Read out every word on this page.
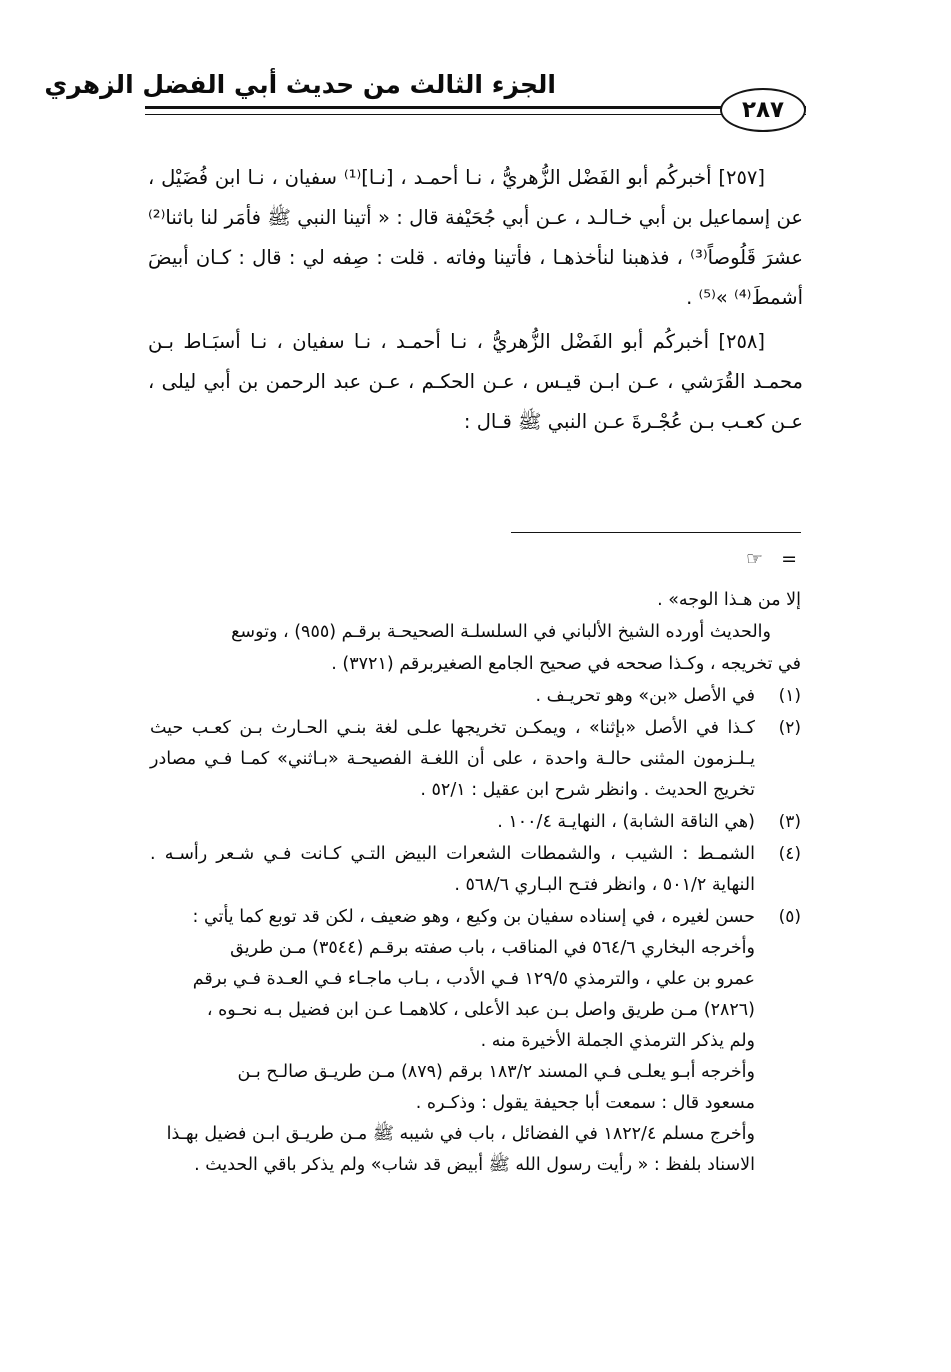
الجزء الثالث من حديث أبي الفضل الزهري
٢٨٧

[٢٥٧] أخبركُم أبو الفَضْل الزُّهريُّ ، نـا أحمـد ، [نـا]⁽¹⁾ سفيان ، نـا ابن فُضَيْل ، عن إسماعيل بن أبي خـالـد ، عـن أبي جُحَيْفة قال : « أتينا النبي ﷺ فأمَر لنا باثنا⁽²⁾ عشرَ قَلُوصاً⁽³⁾ ، فذهبنا لنأخذهـا ، فأتينا وفاته . قلت : صِفه لي : قال : كـان أبيضَ أشمطَ⁽⁴⁾ »⁽⁵⁾ .

[٢٥٨] أخبركُم أبو الفَضْل الزُّهريُّ ، نـا أحمـد ، نـا سفيان ، نـا أسبَـاط بـن محمـد القُرَشي ، عـن ابـن قيـس ، عـن الحكـم ، عـن عبد الرحمن بن أبي ليلى ، عـن كعـب بـن عُجْـرةَ عـن النبي ﷺ قـال :

= ☞
إلا من هـذا الوجه» .
والحديث أورده الشيخ الألباني في السلسلـة الصحيحـة برقـم (٩٥٥) ، وتوسع
في تخريجه ، وكـذا صححه في صحيح الجامع الصغيربرقم (٣٧٢١) .
(١)
في الأصل «بن» وهو تحريـف .
(٢)
كـذا في الأصل «بإثنا» ، ويمكـن تخريجها علـى لغة بنـي الحـارث بـن كعـب حيث يـلـزمون المثنى حالـة واحدة ، على أن اللغـة الفصيحـة «بـاثني» كمـا فـي مصادر تخريج الحديث . وانظر شرح ابن عقيل : ٥٢/١ .
(٣)
(هي الناقة الشابة) ، النهايـة ١٠٠/٤ .
(٤)
الشمـط : الشيب ، والشمطات الشعرات البيض التـي كـانت فـي شـعر رأسـه . النهاية ٥٠١/٢ ، وانظر فتـح البـاري ٥٦٨/٦ .
(٥)
حسن لغيره ، في إسناده سفيان بن وكيع ، وهو ضعيف ، لكن قد توبع كما يأتي :
وأخرجه البخاري ٥٦٤/٦ في المناقب ، باب صفته برقـم (٣٥٤٤) مـن طريق
عمرو بن علي ، والترمذي ١٢٩/٥ فـي الأدب ، بـاب ماجـاء فـي العـدة فـي برقم
(٢٨٢٦) مـن طريق واصل بـن عبد الأعلى ، كلاهمـا عـن ابن فضيل بـه نحـوه ،
ولم يذكر الترمذي الجملة الأخيرة منه .
وأخرجه أبـو يعلـى فـي المسند ١٨٣/٢ برقم (٨٧٩) مـن طريـق صالـح بـن
مسعود قال : سمعت أبا جحيفة يقول : وذكـره .
وأخرج مسلم ١٨٢٢/٤ في الفضائل ، باب في شيبه ﷺ مـن طريـق ابـن فضيل بهـذا
الاسناد بلفظ : « رأيت رسول الله ﷺ أبيض قد شاب» ولم يذكر باقي الحديث .
